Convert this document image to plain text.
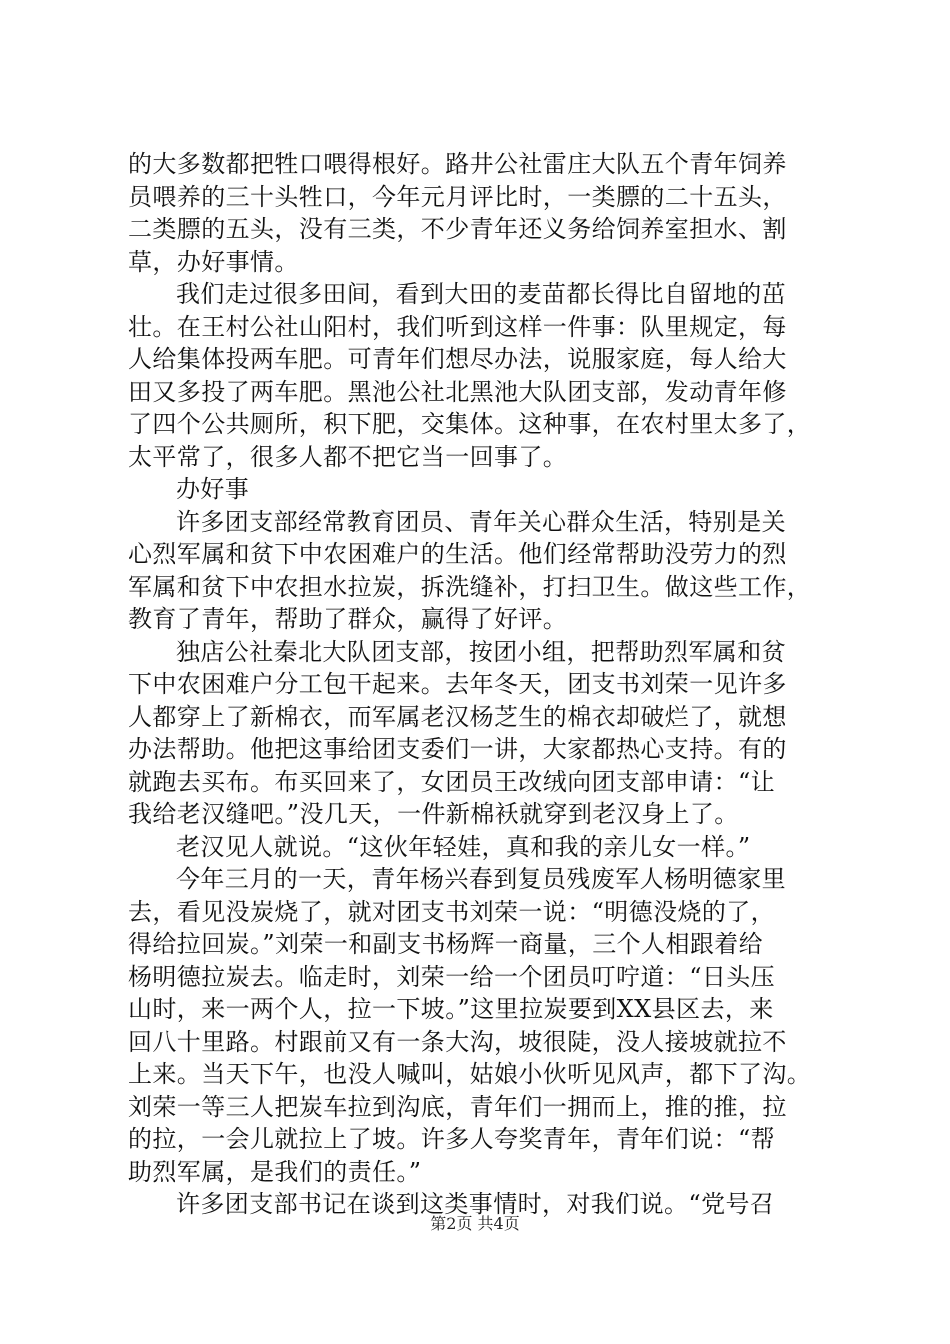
的大多数都把牲口喂得根好。路井公社雷庄大队五个青年饲养
员喂养的三十头牲口，今年元月评比时，一类膘的二十五头，
二类膘的五头，没有三类，不少青年还义务给饲养室担水、割
草，办好事情。
我们走过很多田间，看到大田的麦苗都长得比自留地的茁
壮。在王村公社山阳村，我们听到这样一件事：队里规定，每
人给集体投两车肥。可青年们想尽办法，说服家庭，每人给大
田又多投了两车肥。黑池公社北黑池大队团支部，发动青年修
了四个公共厕所，积下肥，交集体。这种事，在农村里太多了，
太平常了，很多人都不把它当一回事了。
办好事
许多团支部经常教育团员、青年关心群众生活，特别是关
心烈军属和贫下中农困难户的生活。他们经常帮助没劳力的烈
军属和贫下中农担水拉炭，拆洗缝补，打扫卫生。做这些工作，
教育了青年，帮助了群众，赢得了好评。
独店公社秦北大队团支部，按团小组，把帮助烈军属和贫
下中农困难户分工包干起来。去年冬天，团支书刘荣一见许多
人都穿上了新棉衣，而军属老汉杨芝生的棉衣却破烂了，就想
办法帮助。他把这事给团支委们一讲，大家都热心支持。有的
就跑去买布。布买回来了，女团员王改绒向团支部申请：“让
我给老汉缝吧。”没几天，一件新棉袄就穿到老汉身上了。
老汉见人就说。“这伙年轻娃，真和我的亲儿女一样。”
今年三月的一天，青年杨兴春到复员残废军人杨明德家里
去，看见没炭烧了，就对团支书刘荣一说：“明德没烧的了，
得给拉回炭。”刘荣一和副支书杨辉一商量，三个人相跟着给
杨明德拉炭去。临走时，刘荣一给一个团员叮咛道：“日头压
山时，来一两个人，拉一下坡。”这里拉炭要到XX县区去，来
回八十里路。村跟前又有一条大沟，坡很陡，没人接坡就拉不
上来。当天下午，也没人喊叫，姑娘小伙听见风声，都下了沟。
刘荣一等三人把炭车拉到沟底，青年们一拥而上，推的推，拉
的拉，一会儿就拉上了坡。许多人夸奖青年，青年们说：“帮
助烈军属，是我们的责任。”
许多团支部书记在谈到这类事情时，对我们说。“党号召
第2页 共4页
